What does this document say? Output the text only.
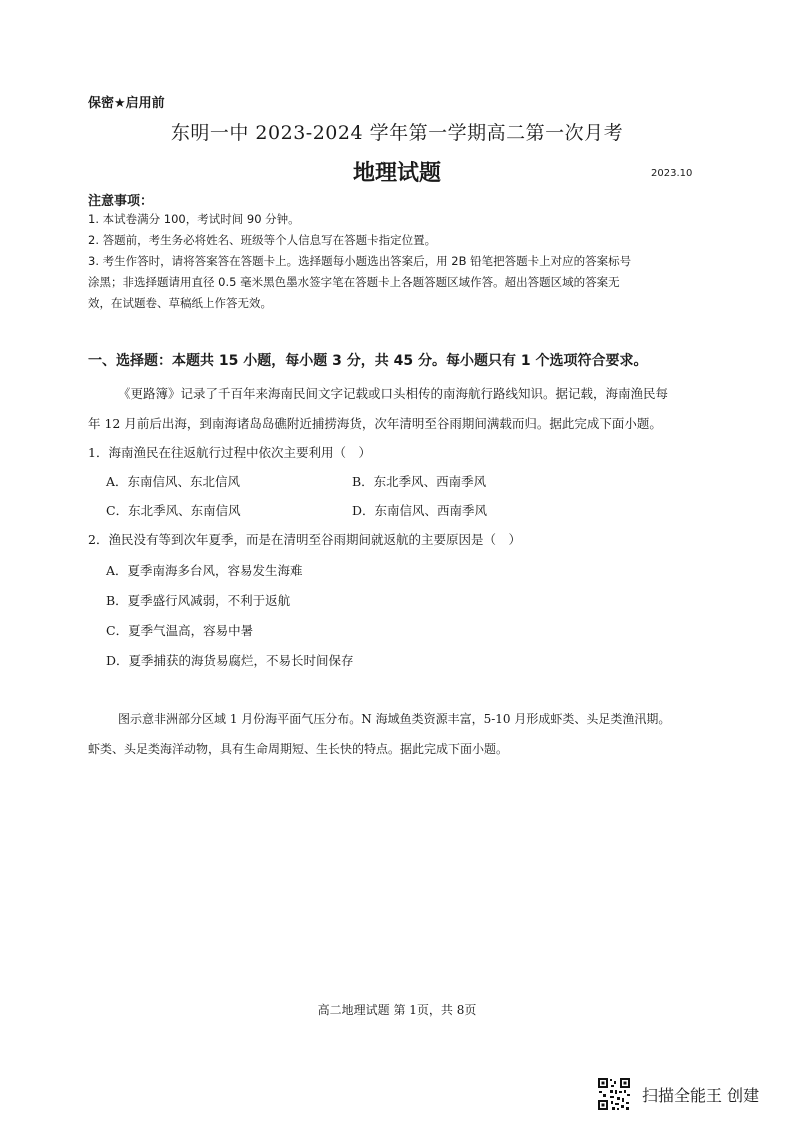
保密★启用前
东明一中 2023-2024 学年第一学期高二第一次月考
地理试题	2023.10
注意事项：
1. 本试卷满分 100，考试时间 90 分钟。
2. 答题前，考生务必将姓名、班级等个人信息写在答题卡指定位置。
3. 考生作答时，请将答案答在答题卡上。选择题每小题选出答案后，用 2B 铅笔把答题卡上对应的答案标号
涂黑；非选择题请用直径 0.5 毫米黑色墨水签字笔在答题卡上各题答题区域作答。超出答题区域的答案无
效，在试题卷、草稿纸上作答无效。
一、选择题：本题共 15 小题，每小题 3 分，共 45 分。每小题只有 1 个选项符合要求。
《更路簿》记录了千百年来海南民间文字记载或口头相传的南海航行路线知识。据记载，海南渔民每
年 12 月前后出海，到南海诸岛岛礁附近捕捞海货，次年清明至谷雨期间满载而归。据此完成下面小题。
1．海南渔民在往返航行过程中依次主要利用（　）
A．东南信风、东北信风	B．东北季风、西南季风
C．东北季风、东南信风	D．东南信风、西南季风
2．渔民没有等到次年夏季，而是在清明至谷雨期间就返航的主要原因是（　）
A．夏季南海多台风，容易发生海难
B．夏季盛行风减弱，不利于返航
C．夏季气温高，容易中暑
D．夏季捕获的海货易腐烂，不易长时间保存
图示意非洲部分区域 1 月份海平面气压分布。N 海域鱼类资源丰富，5-10 月形成虾类、头足类渔汛期。
虾类、头足类海洋动物，具有生命周期短、生长快的特点。据此完成下面小题。
高二地理试题 第 1页，共 8页
扫描全能王 创建
